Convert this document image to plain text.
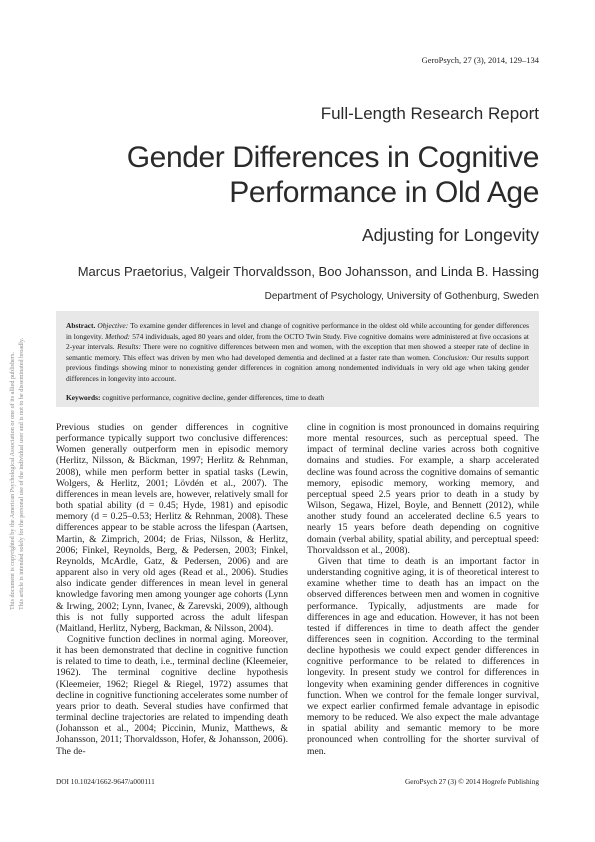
GeroPsych, 27 (3), 2014, 129–134
Full-Length Research Report
Gender Differences in Cognitive Performance in Old Age
Adjusting for Longevity
Marcus Praetorius, Valgeir Thorvaldsson, Boo Johansson, and Linda B. Hassing
Department of Psychology, University of Gothenburg, Sweden
This document is copyrighted by the American Psychological Association or one of its allied publishers. This article is intended solely for the personal use of the individual user and is not to be disseminated broadly.
Abstract. Objective: To examine gender differences in level and change of cognitive performance in the oldest old while accounting for gender differences in longevity. Method: 574 individuals, aged 80 years and older, from the OCTO Twin Study. Five cognitive domains were administered at five occasions at 2-year intervals. Results: There were no cognitive differences between men and women, with the exception that men showed a steeper rate of decline in semantic memory. This effect was driven by men who had developed dementia and declined at a faster rate than women. Conclusion: Our results support previous findings showing minor to nonexisting gender differences in cognition among nondemented individuals in very old age when taking gender differences in longevity into account.
Keywords: cognitive performance, cognitive decline, gender differences, time to death

Previous studies on gender differences in cognitive performance typically support two conclusive differences: Women generally outperform men in episodic memory (Herlitz, Nilsson, & Bäckman, 1997; Herlitz & Rehnman, 2008), while men perform better in spatial tasks (Lewin, Wolgers, & Herlitz, 2001; Lövdén et al., 2007). The differences in mean levels are, however, relatively small for both spatial ability (d = 0.45; Hyde, 1981) and episodic memory (d = 0.25–0.53; Herlitz & Rehnman, 2008). These differences appear to be stable across the lifespan (Aartsen, Martin, & Zimprich, 2004; de Frias, Nilsson, & Herlitz, 2006; Finkel, Reynolds, Berg, & Pedersen, 2003; Finkel, Reynolds, McArdle, Gatz, & Pedersen, 2006) and are apparent also in very old ages (Read et al., 2006). Studies also indicate gender differences in mean level in general knowledge favoring men among younger age cohorts (Lynn & Irwing, 2002; Lynn, Ivanec, & Zarevski, 2009), although this is not fully supported across the adult lifespan (Maitland, Herlitz, Nyberg, Backman, & Nilsson, 2004).

Cognitive function declines in normal aging. Moreover, it has been demonstrated that decline in cognitive function is related to time to death, i.e., terminal decline (Kleemeier, 1962). The terminal cognitive decline hypothesis (Kleemeier, 1962; Riegel & Riegel, 1972) assumes that decline in cognitive functioning accelerates some number of years prior to death. Several studies have confirmed that terminal decline trajectories are related to impending death (Johansson et al., 2004; Piccinin, Muniz, Matthews, & Johansson, 2011; Thorvaldsson, Hofer, & Johansson, 2006). The de-

cline in cognition is most pronounced in domains requiring more mental resources, such as perceptual speed. The impact of terminal decline varies across both cognitive domains and studies. For example, a sharp accelerated decline was found across the cognitive domains of semantic memory, episodic memory, working memory, and perceptual speed 2.5 years prior to death in a study by Wilson, Segawa, Hizel, Boyle, and Bennett (2012), while another study found an accelerated decline 6.5 years to nearly 15 years before death depending on cognitive domain (verbal ability, spatial ability, and perceptual speed: Thorvaldsson et al., 2008).

Given that time to death is an important factor in understanding cognitive aging, it is of theoretical interest to examine whether time to death has an impact on the observed differences between men and women in cognitive performance. Typically, adjustments are made for differences in age and education. However, it has not been tested if differences in time to death affect the gender differences seen in cognition. According to the terminal decline hypothesis we could expect gender differences in cognitive performance to be related to differences in longevity. In present study we control for differences in longevity when examining gender differences in cognitive function. When we control for the female longer survival, we expect earlier confirmed female advantage in episodic memory to be reduced. We also expect the male advantage in spatial ability and semantic memory to be more pronounced when controlling for the shorter survival of men.

DOI 10.1024/1662-9647/a000111	GeroPsych 27 (3) © 2014 Hogrefe Publishing
